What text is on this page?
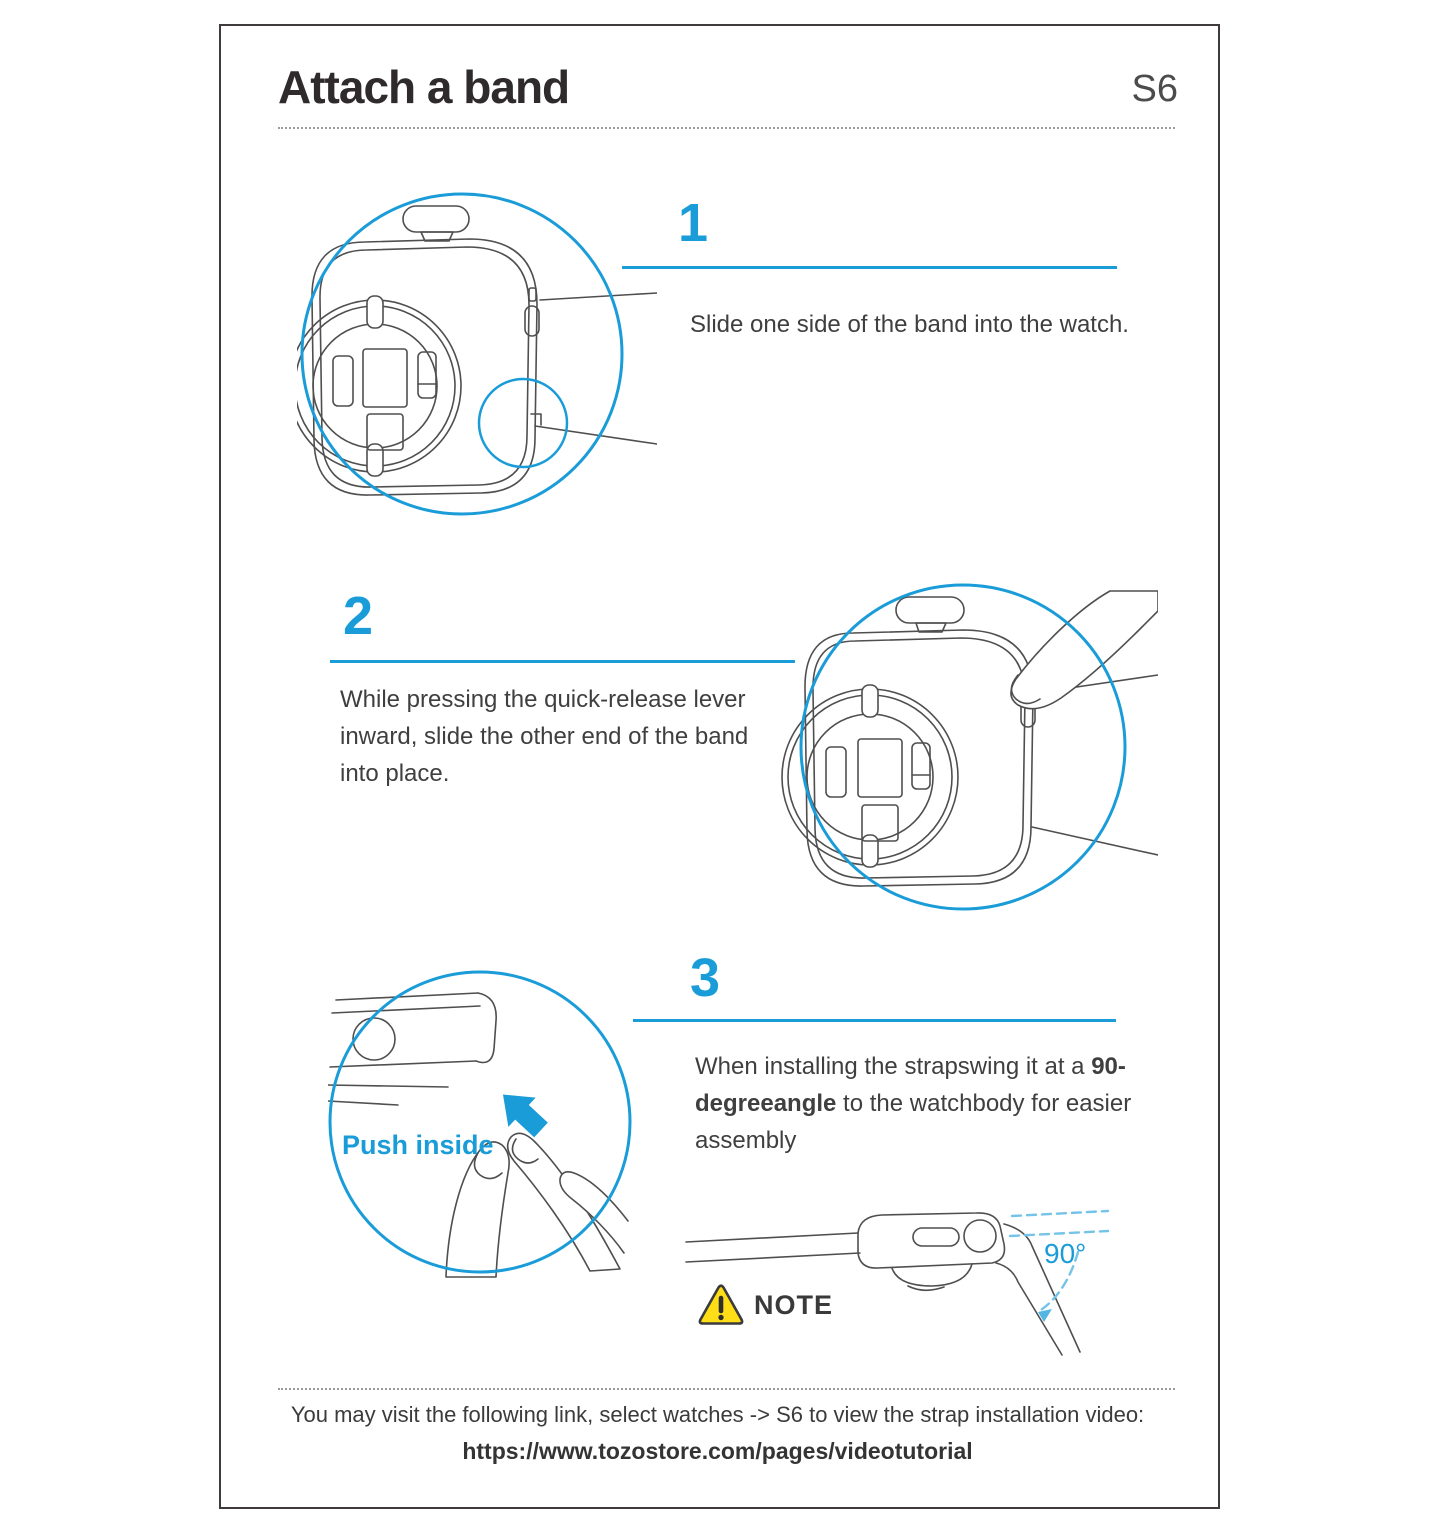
Attach a band	S6
1
Slide one side of the band into the watch.
2
While pressing the quick-release lever inward, slide the other end of the band into place.
3
When installing the strapswing it at a 90-degreeangle to the watchbody for easier assembly
Push inside
90°
NOTE
You may visit the following link, select watches -> S6 to view the strap installation video:
https://www.tozostore.com/pages/videotutorial
